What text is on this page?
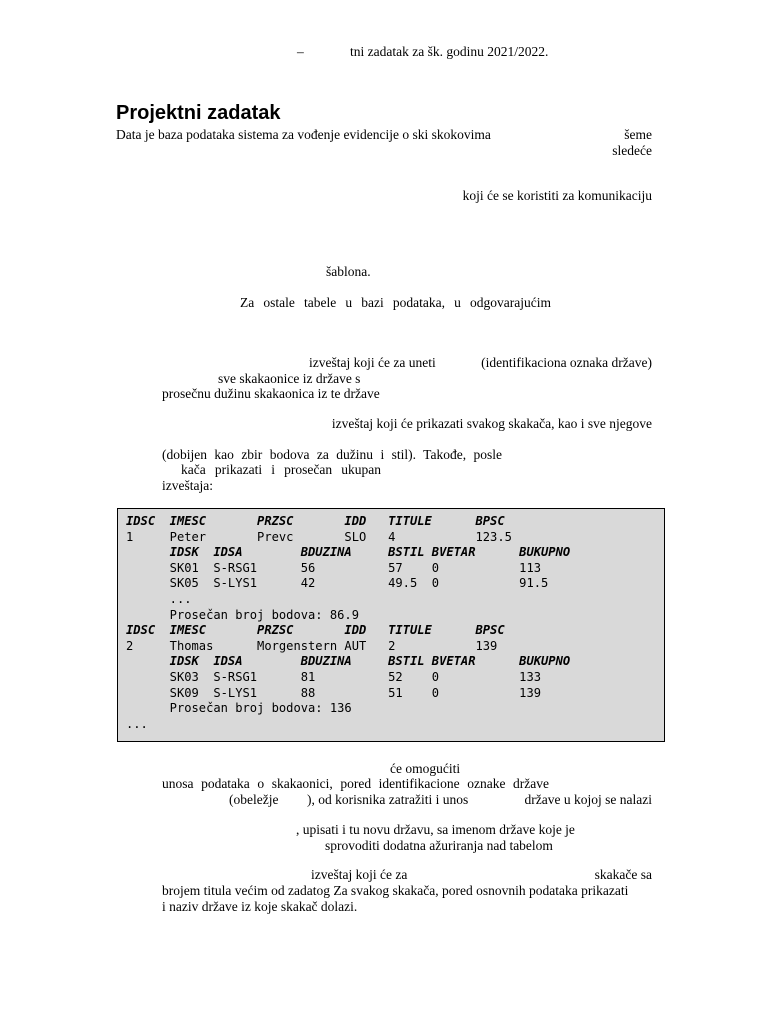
–	tni zadatak za šk. godinu 2021/2022.
Projektni zadatak
Data je baza podataka sistema za vođenje evidencije o ski skokovima	šeme
sledeće
koji će se koristiti za komunikaciju
šablona.
Za ostale tabele u bazi podataka, u odgovarajućim
izveštaj koji će za uneti	(identifikaciona oznaka države)
sve skakaonice iz države s
prosečnu dužinu skakaonica iz te države
izveštaj koji će prikazati svakog skakača, kao i sve njegove
(dobijen kao zbir bodova za dužinu i stil). Takođe, posle
kača prikazati i prosečan ukupan
izveštaja:
IDSC  IMESC       PRZSC       IDD   TITULE      BPSC
1     Peter       Prevc       SLO   4           123.5
IDSK  IDSA        BDUZINA     BSTIL BVETAR      BUKUPNO
SK01  S-RSG1      56          57    0           113
SK05  S-LYS1      42          49.5  0           91.5
...
Prosečan broj bodova: 86.9
IDSC  IMESC       PRZSC       IDD   TITULE      BPSC
2     Thomas      Morgenstern AUT   2           139
IDSK  IDSA        BDUZINA     BSTIL BVETAR      BUKUPNO
SK03  S-RSG1      81          52    0           133
SK09  S-LYS1      88          51    0           139
Prosečan broj bodova: 136
...
će omogućiti
unosa podataka o skakaonici, pored identifikacione oznake države
(obeležje ), od korisnika zatražiti i unos	države u kojoj se nalazi
, upisati i tu novu državu, sa imenom države koje je
sprovoditi dodatna ažuriranja nad tabelom
izveštaj koji će za	skakače sa
brojem titula većim od zadatog Za svakog skakača, pored osnovnih podataka prikazati
i naziv države iz koje skakač dolazi.
